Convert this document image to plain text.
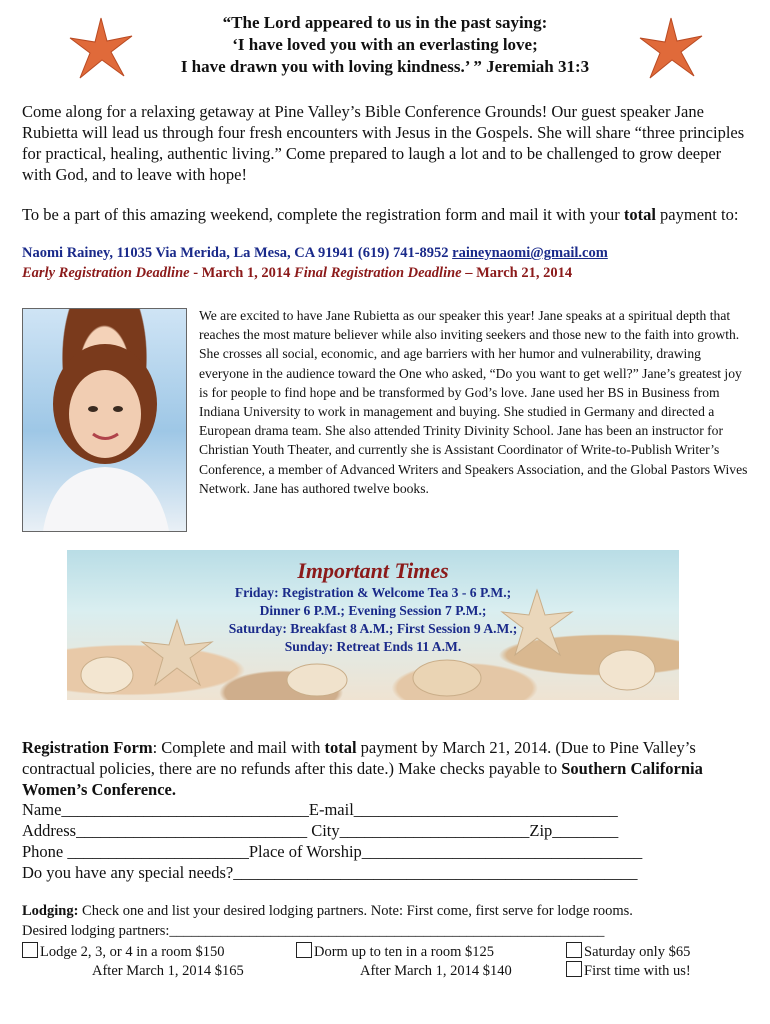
“The Lord appeared to us in the past saying:
‘I have loved you with an everlasting love;
I have drawn you with loving kindness.’ ” Jeremiah 31:3
Come along for a relaxing getaway at Pine Valley’s Bible Conference Grounds! Our guest speaker Jane Rubietta will lead us through four fresh encounters with Jesus in the Gospels. She will share “three principles for practical, healing, authentic living.” Come prepared to laugh a lot and to be challenged to grow deeper with God, and to leave with hope!
To be a part of this amazing weekend, complete the registration form and mail it with your total payment to:
Naomi Rainey, 11035 Via Merida, La Mesa, CA 91941 (619) 741-8952 raineynaomi@gmail.com
Early Registration Deadline - March 1, 2014 Final Registration Deadline – March 21, 2014
We are excited to have Jane Rubietta as our speaker this year! Jane speaks at a spiritual depth that reaches the most mature believer while also inviting seekers and those new to the faith into growth. She crosses all social, economic, and age barriers with her humor and vulnerability, drawing everyone in the audience toward the One who asked, “Do you want to get well?” Jane’s greatest joy is for people to find hope and be transformed by God’s love. Jane used her BS in Business from Indiana University to work in management and buying. She studied in Germany and directed a European drama team. She also attended Trinity Divinity School. Jane has been an instructor for Christian Youth Theater, and currently she is Assistant Coordinator of Write-to-Publish Writer’s Conference, a member of Advanced Writers and Speakers Association, and the Global Pastors Wives Network. Jane has authored twelve books.
Important Times
Friday: Registration & Welcome Tea 3 - 6 P.M.;
Dinner 6 P.M.; Evening Session 7 P.M.;
Saturday: Breakfast 8 A.M.; First Session 9 A.M.;
Sunday: Retreat Ends 11 A.M.
Registration Form: Complete and mail with total payment by March 21, 2014. (Due to Pine Valley’s contractual policies, there are no refunds after this date.) Make checks payable to Southern California Women’s Conference.
Name______________________________E-mail________________________________
Address____________________________ City_______________________Zip________
Phone ______________________Place of Worship__________________________________
Do you have any special needs?_________________________________________________
Lodging: Check one and list your desired lodging partners. Note: First come, first serve for lodge rooms.
Desired lodging partners:____________________________________________________________
Lodge 2, 3, or 4 in a room $150
After March 1, 2014 $165
Dorm up to ten in a room $125
After March 1, 2014 $140
Saturday only $65
First time with us!
